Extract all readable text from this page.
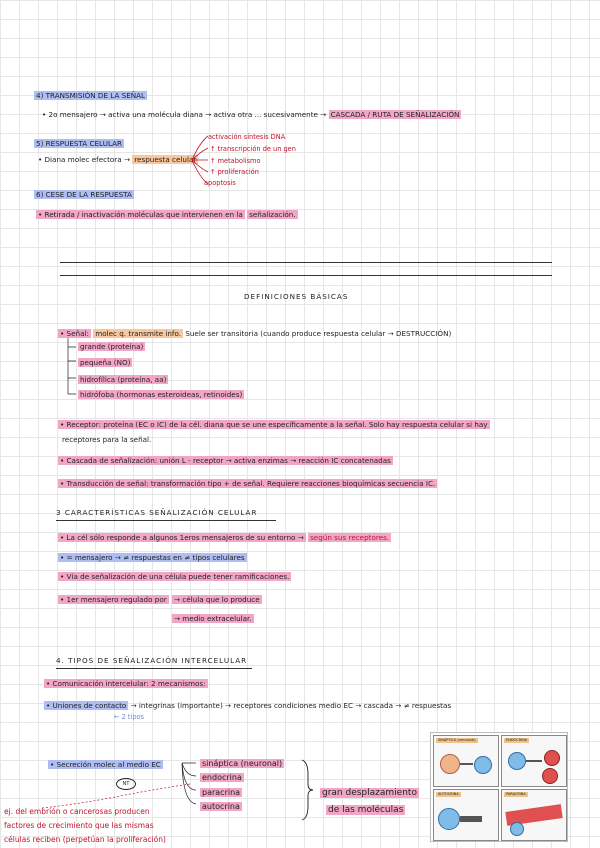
4) TRANSMISIÓN DE LA SEÑAL
• 2o mensajero → activa una molécula diana → activa otra ... sucesivamente → CASCADA / RUTA DE SEÑALIZACIÓN
5) RESPUESTA CELULAR
• Diana molec efectora → respuesta celular
activación síntesis DNA
↑ transcripción de un gen
↑ metabolismo
↑ proliferación
apoptosis
6) CESE DE LA RESPUESTA
• Retirada / inactivación moléculas que intervienen en la señalización.
DEFINICIONES BÁSICAS
• Señal: molec q. transmite info. Suele ser transitoria (cuando produce respuesta celular → DESTRUCCIÓN)
grande (proteína)
pequeña (NO)
hidrofílica (proteína, aa)
hidrófoba (hormonas esteroideas, retinoides)
• Receptor: proteína (EC o IC) de la cél. diana que se une específicamente a la señal. Solo hay respuesta celular si hay
receptores para la señal.
• Cascada de señalización: unión L - receptor → activa enzimas → reacción IC concatenadas
• Transducción de señal: transformación tipo + de señal. Requiere reacciones bioquímicas secuencia IC.
3 CARACTERÍSTICAS SEÑALIZACIÓN CELULAR
• La cél sólo responde a algunos 1eros mensajeros de su entorno → según sus receptores.
• = mensajero → ≠ respuestas en ≠ tipos celulares
• Vía de señalización de una célula puede tener ramificaciones.
• 1er mensajero regulado por → célula que lo produce
→ medio extracelular.
4. TIPOS DE SEÑALIZACIÓN INTERCELULAR
• Comunicación intercelular: 2 mecanismos:
• Uniones de contacto → integrinas (importante) → receptores condiciones medio EC → cascada → ≠ respuestas
← 2 tipos
• Secreción molec al medio EC	sináptica (neuronal)
endocrina
paracrina
autocrina
NT
gran desplazamiento
de las moléculas
ej. del embrión o cancerosas producen
factores de crecimiento que las mismas
células reciben (perpetúan la proliferación)
SINÁPTICA (neuronal)	ENDOCRINA
AUTOCRINA	PARACRINA
